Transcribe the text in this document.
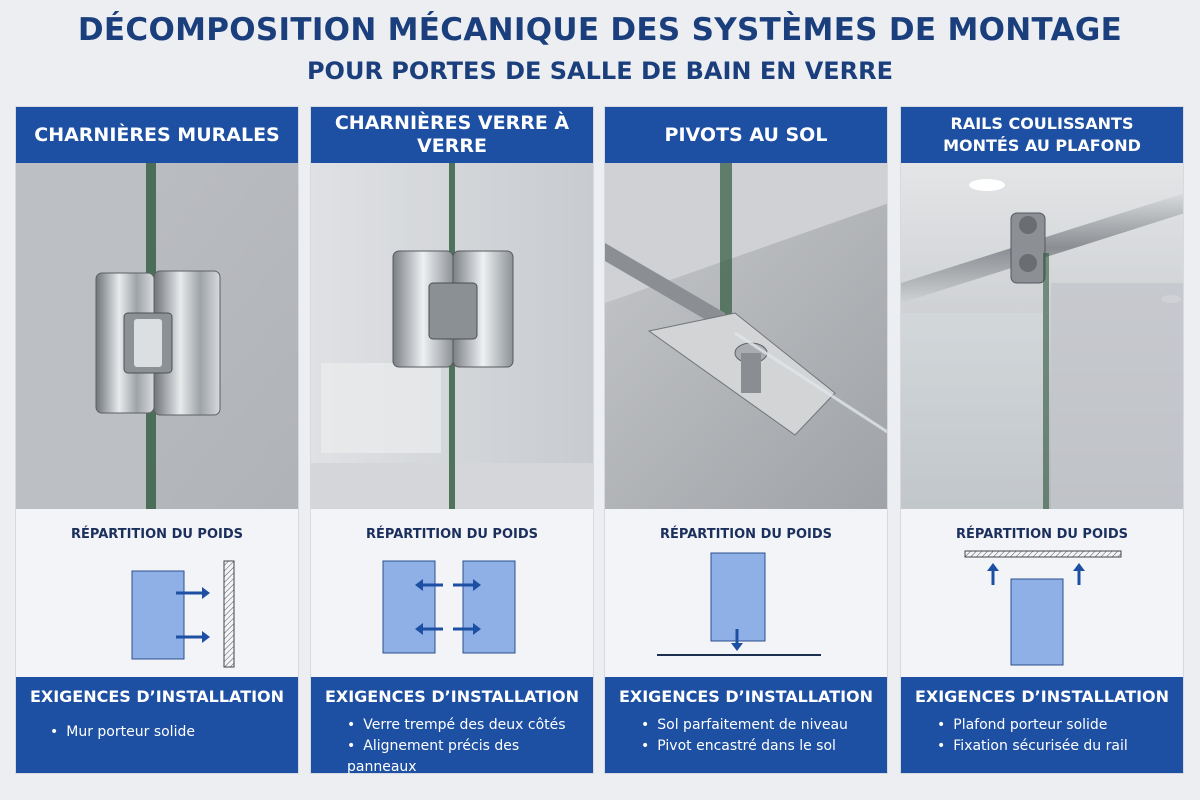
DÉCOMPOSITION MÉCANIQUE DES SYSTÈMES DE MONTAGE
POUR PORTES DE SALLE DE BAIN EN VERRE
CHARNIÈRES MURALES
RÉPARTITION DU POIDS
EXIGENCES D’INSTALLATION
• Mur porteur solide
CHARNIÈRES VERRE À VERRE
RÉPARTITION DU POIDS
EXIGENCES D’INSTALLATION
• Verre trempé des deux côtés
• Alignement précis des panneaux
PIVOTS AU SOL
RÉPARTITION DU POIDS
EXIGENCES D’INSTALLATION
• Sol parfaitement de niveau
• Pivot encastré dans le sol
RAILS COULISSANTS
MONTÉS AU PLAFOND
RÉPARTITION DU POIDS
EXIGENCES D’INSTALLATION
• Plafond porteur solide
• Fixation sécurisée du rail
